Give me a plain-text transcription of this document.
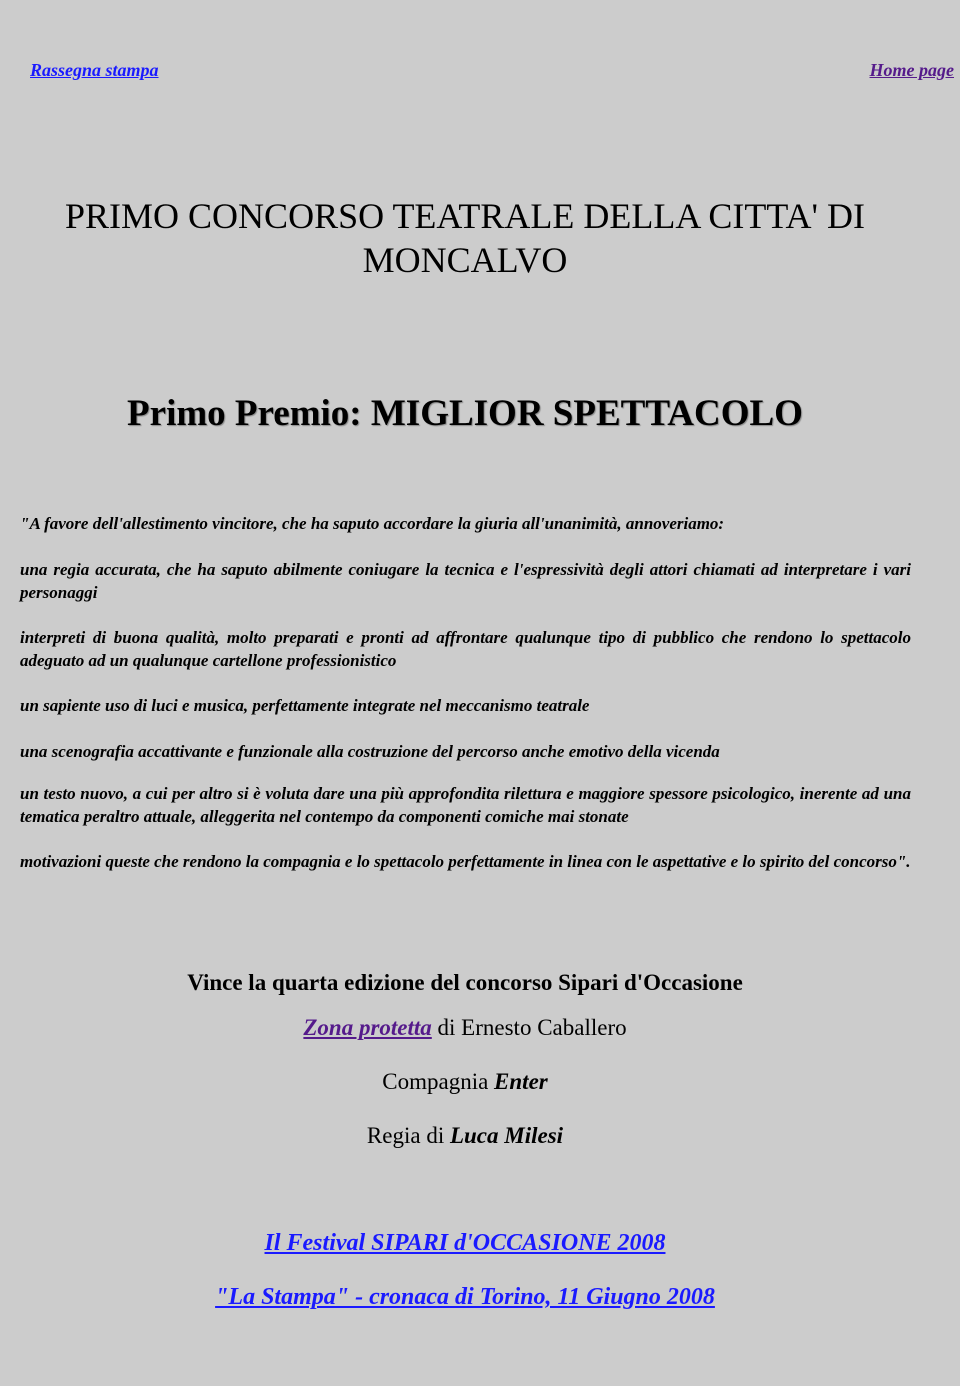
Rassegna stampa	Home page
PRIMO CONCORSO TEATRALE DELLA CITTA' DI
MONCALVO
Primo Premio: MIGLIOR SPETTACOLO

"A favore dell'allestimento vincitore, che ha saputo accordare la giuria all'unanimità, annoveriamo:

una regia accurata, che ha saputo abilmente coniugare la tecnica e l'espressività degli attori chiamati ad interpretare i vari personaggi

interpreti di buona qualità, molto preparati e pronti ad affrontare qualunque tipo di pubblico che rendono lo spettacolo adeguato ad un qualunque cartellone professionistico

un sapiente uso di luci e musica, perfettamente integrate nel meccanismo teatrale

una scenografia accattivante e funzionale alla costruzione del percorso anche emotivo della vicenda

un testo nuovo, a cui per altro si è voluta dare una più approfondita rilettura e maggiore spessore psicologico, inerente ad una tematica peraltro attuale, alleggerita nel contempo da componenti comiche mai stonate

motivazioni queste che rendono la compagnia e lo spettacolo perfettamente in linea con le aspettative e lo spirito del concorso".

Vince la quarta edizione del concorso Sipari d'Occasione
Zona protetta di Ernesto Caballero
Compagnia Enter
Regia di Luca Milesi
Il Festival SIPARI d'OCCASIONE 2008
"La Stampa" - cronaca di Torino, 11 Giugno 2008
